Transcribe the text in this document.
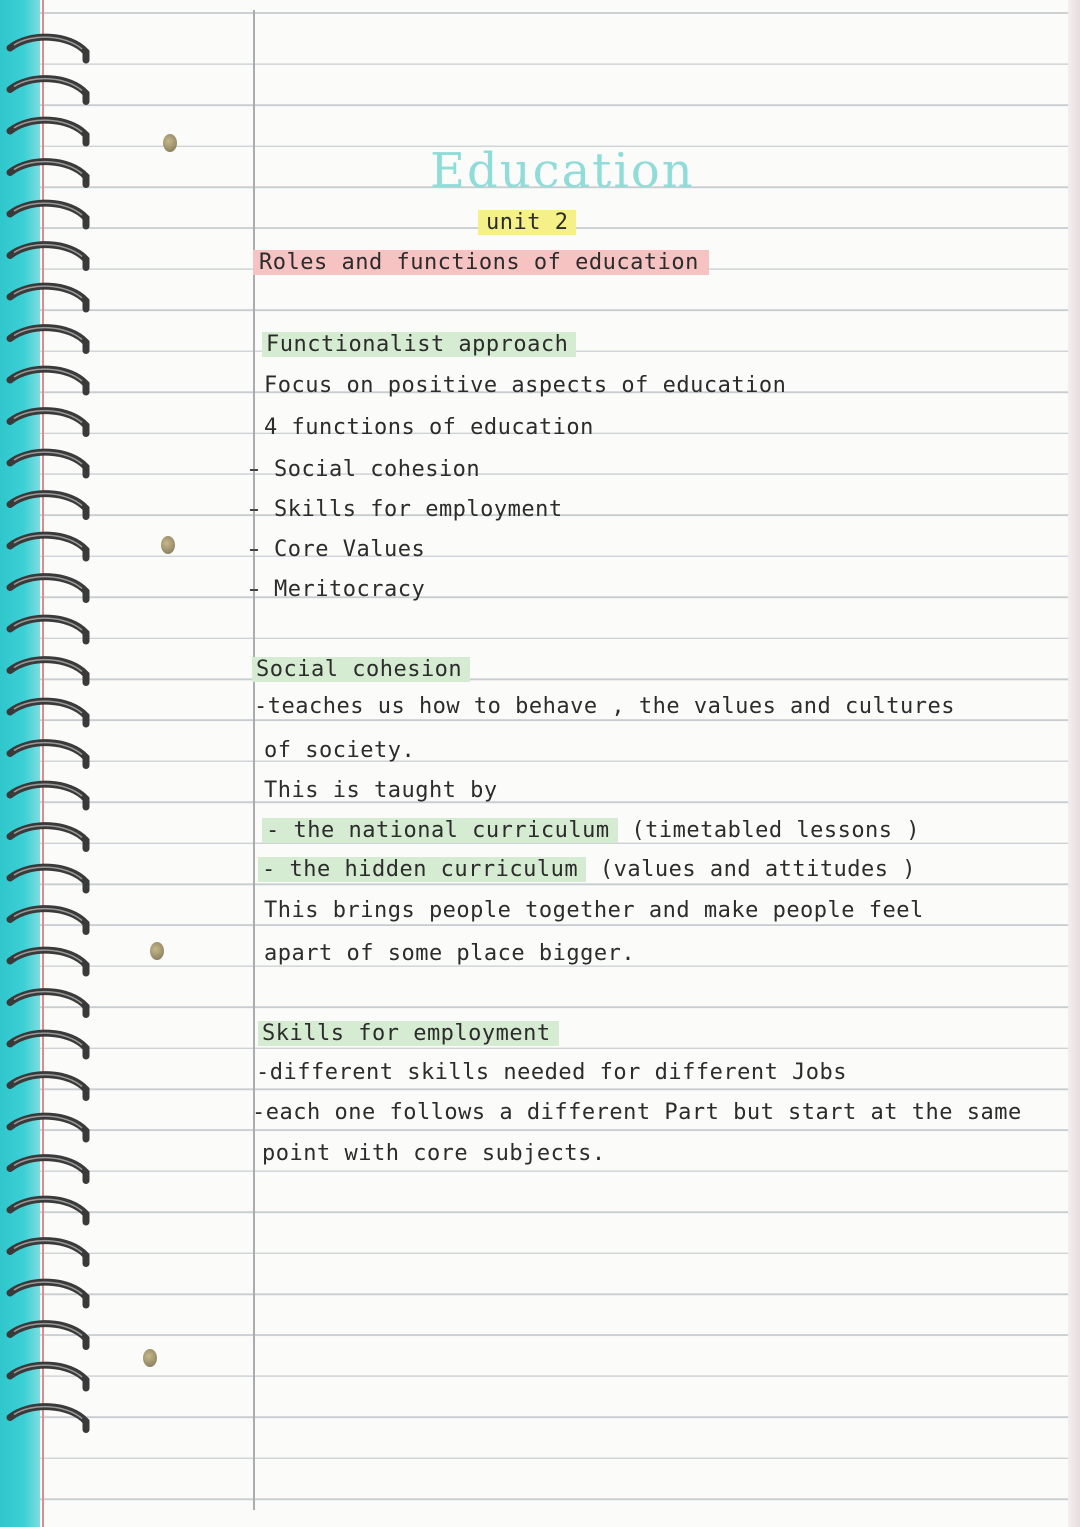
Education
unit 2
Roles and functions of education
Functionalist approach
Focus on positive aspects of education
4 functions of education
Social cohesion
Skills for employment
Core Values
Meritocracy
Social cohesion
-teaches us how to behave , the values and cultures
of society.
This is taught by
- the national curriculum (timetabled lessons )
- the hidden curriculum (values and attitudes )
This brings people together and make people feel
apart of some place bigger.
Skills for employment
-different skills needed for different Jobs
-each one follows a different Part but start at the same
point with core subjects.
